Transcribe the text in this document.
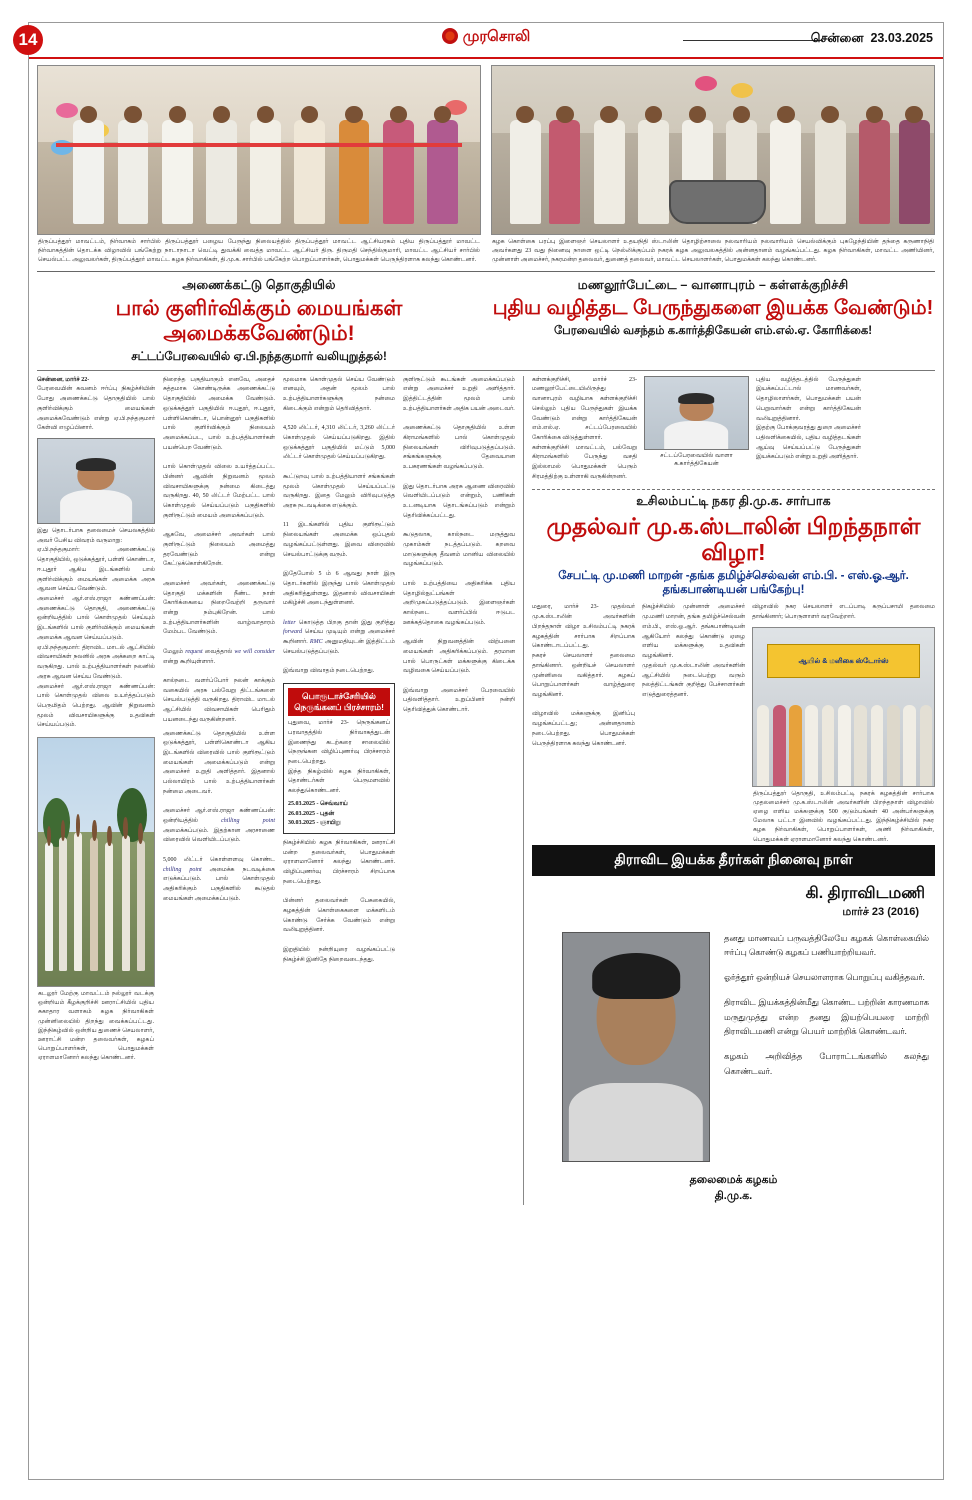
14	முரசொலி	சென்னை 23.03.2025
திருப்பத்தூர் மாவட்டம், நிர்வாகம் சார்பில் திருப்பத்தூர் பழைய பேருந்து நிலையத்தில் திருப்பத்தூர் மாவட்ட ஆட்சியரகம் புதிய திருப்பத்தூர் மாவட்ட நிர்வாகத்தின் தொடக்க விழாவில் பங்கேற்று நாடாநாடா வெட்டி துவக்கி வைத்த மாவட்ட ஆட்சியர் திரு. திருமதி செந்தில்குமாரி, மாவட்ட ஆட்சியர் சார்பில் செயல்பட்ட அலுவலர்கள், திருப்பத்தூர் மாவட்ட கழக நிர்வாகிகள், தி.மு.க. சார்பில் பங்கேற்ற பொறுப்பாளர்கள், பொதுமக்கள் பெருந்திரளாக கலந்து கொண்டனர்.
கழக கொள்கை பரப்பு இளைஞர் செயலாளர் உதயநிதி ஸ்டாலின் தொழிற்சாலை நலவாரியம் நலவாரியம் செயல்விக்கும் புகழேந்தியின் தந்தை கருணாநிதி அவர்களது 23 வது நினைவு நாளை ஒட்டி நெல்லிக்குப்பம் நகரக் கழக அலுவலகத்தில் அன்னதானம் வழங்கப்பட்டது. கழக நிர்வாகிகள், மாவட்ட அணியினர், முன்னாள் அமைச்சர், நகரமன்ற தலைவர், துணைத் தலைவர், மாவட்ட செயலாளர்கள், பொதுமக்கள் கலந்து கொண்டனர்.
அணைக்கட்டு தொகுதியில்
பால் குளிர்விக்கும் மையங்கள் அமைக்கவேண்டும்!
சட்டப்பேரவையில் ஏ.பி.நந்தகுமார் வலியுறுத்தல்!
மணலூர்பேட்டை – வானாபுரம் – கள்ளக்குறிச்சி
புதிய வழித்தட பேருந்துகளை இயக்க வேண்டும்!
பேரவையில் வசந்தம் க.கார்த்திகேயன் எம்.எல்.ஏ. கோரிக்கை!
சென்னை, மார்ச் 22-
பேரவையின் கவனம் ஈர்ப்பு நிகழ்ச்சியின் போது அணைக்கட்டு தொகுதியில் பால் குளிர்விக்கும் மையங்கள் அமைக்கவேண்டும் என்று ஏ.பி.நந்தகுமார் கேள்வி எழுப்பினார்.
இது தொடர்பாக தலைமைச் செயலகத்தில் அவர் பேசிய விவரம் வருமாறு:
ஏ.பி.நந்தகுமார்: அணைக்கட்டு தொகுதியில், ஒடுக்கத்தூர், பள்ளி கொண்டா, ஈ.புதூர் ஆகிய இடங்களில் பால் குளிர்விக்கும் மையங்கள் அமைக்க அரசு ஆவன செய்ய வேண்டும்.
அமைச்சர் ஆர்.எஸ்.ராஜா கண்ணப்பன்: அணைக்கட்டு தொகுதி, அணைக்கட்டு ஒன்றியத்தில் பால் கொள்முதல் செய்யும் இடங்களில் பால் குளிர்விக்கும் மையங்கள் அமைக்க ஆவன செய்யப்படும்.
ஏ.பி.நந்தகுமார்: திராவிட மாடல் ஆட்சியில் விவசாயிகள் நலனில் அரசு அக்கறை காட்டி வருகிறது. பால் உற்பத்தியாளர்கள் நலனில் அரசு ஆவன செய்ய வேண்டும்.
அமைச்சர் ஆர்.எஸ்.ராஜா கண்ணப்பன்: பால் கொள்முதல் விலை உயர்த்தப்படும் பெருமிதம் பெற்றது. ஆவின் நிறுவனம் மூலம் விவசாயிகளுக்கு உதவிகள் செய்யப்படும்.
கடலூர் மேற்கு மாவட்டம் நல்லூர் வடக்கு ஒன்றியம் கீழக்குறிச்சி ஊராட்சியில் புதிய சுகாதார வளாகம் கழக நிர்வாகிகள் முன்னிலையில் திறந்து வைக்கப்பட்டது. இந்நிகழ்வில் ஒன்றிய துணைச் செயலாளர், ஊராட்சி மன்ற தலைவர்கள், கழகப் பொறுப்பாளர்கள், பொதுமக்கள் ஏராளமானோர் கலந்து கொண்டனர்.
நிறைந்த பகுதியாகும் எனவே, அதைச் சுத்தமாக கொண்டிருக்க அணைக்கட்டு தொகுதியில் அமைக்க வேண்டும். ஒடுக்கத்தூர் பகுதியில் ஈ.புதூர், ஈ.புதூர், பள்ளிகொண்டா, பொன்னூர் பகுதிகளில் பால் குளிர்விக்கும் நிலையம் அமைக்கப்பட, பால் உற்பத்தியாளர்கள் பயன்பெற வேண்டும்.

பால் கொள்முதல் விலை உயர்த்தப்பட்ட பின்னர் ஆவின் நிறுவனம் மூலம் விவசாயிகளுக்கு நன்மை கிடைத்து வருகிறது. 40, 50 லிட்டர் மேற்பட்ட பால் கொள்முதல் செய்யப்படும் பகுதிகளில் குளிரூட்டும் மையம் அமைக்கப்படும்.

ஆகவே, அமைச்சர் அவர்கள் பால் குளிரூட்டும் நிலையம் அமைத்து தரவேண்டும் என்று கேட்டுக்கொள்கிறேன்.

அமைச்சர் அவர்கள், அணைக்கட்டு தொகுதி மக்களின் நீண்ட நாள் கோரிக்கையை நிறைவேற்றி தருவார் என்று நம்புகிறேன். பால் உற்பத்தியாளர்களின் வாழ்வாதாரம் மேம்பட வேண்டும்.

மேலும் request வைத்தால் we will consider என்று கூறியுள்ளார்.

கால்நடை வளர்ப்போர் நலன் காக்கும் வகையில் அரசு பல்வேறு திட்டங்களை செயல்படுத்தி வருகிறது. திராவிட மாடல் ஆட்சியில் விவசாயிகள் பெரிதும் பயனடைந்து வருகின்றனர்.
அணைக்கட்டு தொகுதியில் உள்ள ஒடுக்கத்தூர், பள்ளிகொண்டா ஆகிய இடங்களில் விரைவில் பால் குளிரூட்டும் மையங்கள் அமைக்கப்படும் என்று அமைச்சர் உறுதி அளித்தார். இதனால் பல்லாயிரம் பால் உற்பத்தியாளர்கள் நன்மை அடைவர்.

அமைச்சர் ஆர்.எஸ்.ராஜா கண்ணப்பன்: ஒன்றியத்தில் chilling point அமைக்கப்படும். இதற்கான அரசாணை விரைவில் வெளியிடப்படும்.

5,000 லிட்டர் கொள்ளளவு கொண்ட chilling point அமைக்க நடவடிக்கை எடுக்கப்படும். பால் கொள்முதல் அதிகரிக்கும் பகுதிகளில் கூடுதல் மையங்கள் அமைக்கப்படும்.
மூலமாக கொள்முதல் செய்ய வேண்டும் எனவும், அதன் மூலம் பால் உற்பத்தியாளர்களுக்கு நன்மை கிடைக்கும் என்றும் தெரிவித்தார்.

4,520 லிட்டர், 4,310 லிட்டர், 3,260 லிட்டர் கொள்முதல் செய்யப்படுகிறது. இதில் ஒடுக்கத்தூர் பகுதியில் மட்டும் 5,000 லிட்டர் கொள்முதல் செய்யப்படுகிறது.

கூட்டுறவு பால் உற்பத்தியாளர் சங்கங்கள் மூலம் கொள்முதல் செய்யப்பட்டு வருகிறது. இதை மேலும் விரிவுபடுத்த அரசு நடவடிக்கை எடுக்கும்.

11 இடங்களில் புதிய குளிரூட்டும் நிலையங்கள் அமைக்க ஒப்புதல் வழங்கப்பட்டுள்ளது. இவை விரைவில் செயல்பாட்டுக்கு வரும்.

இதேபோல் 5 ம் 6 ஆவது நாள் இரு தொடர்களில் இருந்து பால் கொள்முதல் அதிகரித்துள்ளது. இதனால் விவசாயிகள் மகிழ்ச்சி அடைந்துள்ளனர்.

letter கொடுத்த பிறகு தான் இது குறித்து forward செய்ய முடியும் என்று அமைச்சர் கூறினார். RMC அனுமதியுடன் இத்திட்டம் செயல்படுத்தப்படும்.

இவ்வாறு விவாதம் நடைபெற்றது.
பொரூடாச்சேரியில் நெருங்கனப் பிரச்சாரம்!
புதுவை, மார்ச் 23- நெருங்கனப் பரவாதத்தில் நிர்வாகத்துடன் இணைந்து கடற்கரை சாலையில் நெருங்கன விழிப்புணர்வு பிரச்சாரம் நடைபெற்றது.
இந்த நிகழ்வில் கழக நிர்வாகிகள், தொண்டர்கள் பெருமளவில் கலந்துகொண்டனர்.
25.03.2025 - செவ்வாய்
26.03.2025 - புதன்
30.03.2025 - ஞாயிறு
நிகழ்ச்சியில் கழக நிர்வாகிகள், ஊராட்சி மன்ற தலைவர்கள், பொதுமக்கள் ஏராளமானோர் கலந்து கொண்டனர். விழிப்புணர்வு பிரச்சாரம் சிறப்பாக நடைபெற்றது.

பின்னர் தலைவர்கள் பேசுகையில், கழகத்தின் கொள்கைகளை மக்களிடம் கொண்டு சேர்க்க வேண்டும் என்று வலியுறுத்தினர்.

இறுதியில் நன்றியுரை வழங்கப்பட்டு நிகழ்ச்சி இனிதே நிறைவடைந்தது.
குளிரூட்டும் கூடங்கள் அமைக்கப்படும் என்று அமைச்சர் உறுதி அளித்தார். இத்திட்டத்தின் மூலம் பால் உற்பத்தியாளர்கள் அதிக பயன் அடைவர்.

அணைக்கட்டு தொகுதியில் உள்ள கிராமங்களில் பால் கொள்முதல் நிலையங்கள் விரிவுபடுத்தப்படும். சங்கங்களுக்கு தேவையான உபகரணங்கள் வழங்கப்படும்.

இது தொடர்பாக அரசு ஆணை விரைவில் வெளியிடப்படும் என்றும், பணிகள் உடனடியாக தொடங்கப்படும் என்றும் தெரிவிக்கப்பட்டது.

கூடுதலாக, கால்நடை மருத்துவ முகாம்கள் நடத்தப்படும். கறவை மாடுகளுக்கு தீவனம் மானிய விலையில் வழங்கப்படும்.

பால் உற்பத்தியை அதிகரிக்க புதிய தொழில்நுட்பங்கள் அறிமுகப்படுத்தப்படும். இளைஞர்கள் கால்நடை வளர்ப்பில் ஈடுபட ஊக்கத்தொகை வழங்கப்படும்.

ஆவின் நிறுவனத்தின் விற்பனை மையங்கள் அதிகரிக்கப்படும். தரமான பால் பொருட்கள் மக்களுக்கு கிடைக்க வழிவகை செய்யப்படும்.

இவ்வாறு அமைச்சர் பேரவையில் பதிலளித்தார். உறுப்பினர் நன்றி தெரிவித்துக் கொண்டார்.
கள்ளக்குறிச்சி, மார்ச் 23- மணலூர்பேட்டையிலிருந்து வானாபுரம் வழியாக கள்ளக்குறிச்சி செல்லும் புதிய பேருந்துகள் இயக்க வேண்டும் என்று கார்த்திகேயன் எம்.எல்.ஏ. சட்டப்பேரவையில் கோரிக்கை விடுத்துள்ளார்.
கள்ளக்குறிச்சி மாவட்டம், பல்வேறு கிராமங்களில் பேருந்து வசதி இல்லாமல் பொதுமக்கள் பெரும் சிரமத்திற்கு உள்ளாகி வருகின்றனர்.
சட்டப்பேரவையில் வாளா க.கார்த்திகேயன்
புதிய வழித்தடத்தில் பேருந்துகள் இயக்கப்பட்டால் மாணவர்கள், தொழிலாளர்கள், பொதுமக்கள் பயன் பெறுவார்கள் என்று கார்த்திகேயன் வலியுறுத்தினார்.
இதற்கு போக்குவரத்து துறை அமைச்சர் பதிலளிக்கையில், புதிய வழித்தடங்கள் ஆய்வு செய்யப்பட்டு பேருந்துகள் இயக்கப்படும் என்று உறுதி அளித்தார்.
உசிலம்பட்டி நகர தி.மு.க. சார்பாக
முதல்வர் மு.க.ஸ்டாலின் பிறந்தநாள் விழா!
சேபட்டி மு.மணி மாறன் -தங்க தமிழ்ச்செல்வன் எம்.பி. - எஸ்.ஓ.ஆர். தங்கபாண்டியன் பங்கேற்பு!
மதுரை, மார்ச் 23- முதல்வர் மு.க.ஸ்டாலின் அவர்களின் பிறந்தநாள் விழா உசிலம்பட்டி நகரக் கழகத்தின் சார்பாக சிறப்பாக கொண்டாடப்பட்டது.
நகரச் செயலாளர் தலைமை தாங்கினார். ஒன்றியச் செயலாளர் முன்னிலை வகித்தார். கழகப் பொறுப்பாளர்கள் வாழ்த்துரை வழங்கினர்.

விழாவில் மக்களுக்கு இனிப்பு வழங்கப்பட்டது; அன்னதானம் நடைபெற்றது. பொதுமக்கள் பெருந்திரளாக கலந்து கொண்டனர்.
நிகழ்ச்சியில் முன்னாள் அமைச்சர் மு.மணி மாறன், தங்க தமிழ்ச்செல்வன் எம்.பி., எஸ்.ஓ.ஆர். தங்கபாண்டியன் ஆகியோர் கலந்து கொண்டு ஏழை எளிய மக்களுக்கு உதவிகள் வழங்கினர்.
முதல்வர் மு.க.ஸ்டாலின் அவர்களின் ஆட்சியில் நடைபெற்று வரும் நலத்திட்டங்கள் குறித்து பேச்சாளர்கள் எடுத்துரைத்தனர்.
விழாவில் நகர செயலாளர் எடப்பாடி கருப்பசாமி தலைமை தாங்கினார்; பொருளாளர் வரவேற்றார்.
ஆயில் & மளிகை ஸ்டோர்ஸ்
திருப்பத்தூர் தொகுதி, உசிலம்பட்டி நகரக் கழகத்தின் சார்பாக முதலமைச்சர் மு.க.ஸ்டாலின் அவர்களின் பிறந்தநாள் விழாவில் ஏழை எளிய மக்களுக்கு 500 குடும்பங்கள் 40 அன்பர்களுக்கு மேலாக பட்டா இனவில் வழங்கப்பட்டது. இந்நிகழ்ச்சியில் நகர கழக நிர்வாகிகள், பொறுப்பாளர்கள், அணி நிர்வாகிகள், பொதுமக்கள் ஏராளமானோர் கலந்து கொண்டனர்.
திராவிட இயக்க தீரர்கள் நினைவு நாள்
கி. திராவிடமணி
மார்ச் 23 (2016)
தனது மாணவப் பருவத்திலேயே கழகக் கொள்கையில் ஈர்ப்பு கொண்டு கழகப் பணியாற்றியவர்.
ஓர்த்தூர் ஒன்றியச் செயலாளராக பொறுப்பு வகித்தவர்.
திராவிட இயக்கத்தின்மீது கொண்ட பற்றின் காரணமாக மருதுமுத்து என்ற தனது இயற்பெயரை மாற்றி திராவிடமணி என்று பெயர் மாற்றிக் கொண்டவர்.
கழகம் அறிவித்த போராட்டங்களில் கலந்து கொண்டவர்.
தலைமைக் கழகம்
தி.மு.க.
